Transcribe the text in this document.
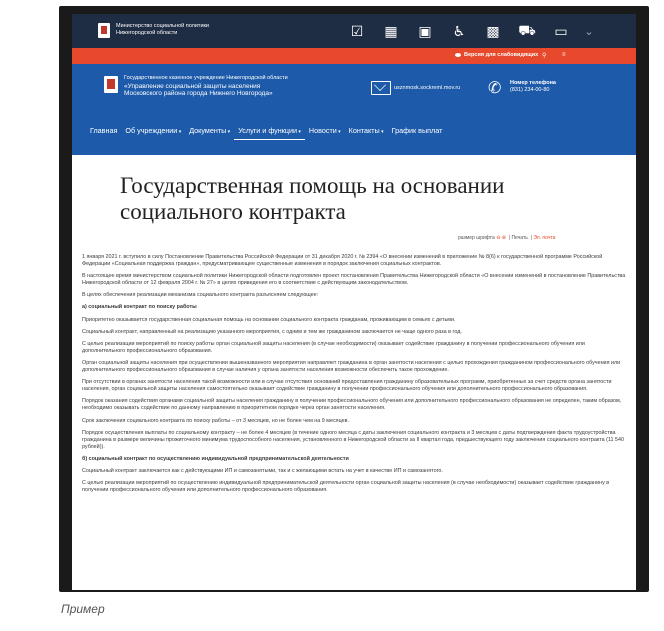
Министерство социальной политики
Нижегородской области	☑	▦	▣	♿	▩	⛟	▭	⌄
Версия для слабовидящих ⚲	≡
Государственное казенное учреждение Нижегородской области
«Управление социальной защиты населения
Московского района города Нижнего Новгорода»
usznmosk.sockreml.mov.ru ✆ Номер телефона
(831) 234-00-80
Главная	Об учреждении ▾	Документы ▾	Услуги и функции ▾	Новости ▾	Контакты ▾	График выплат
Государственная помощь на основании социального контракта
размер шрифта ⊖ ⊕  | Печать  | Эл. почта

1 января 2021 г. вступило в силу Постановление Правительства Российской Федерации от 31 декабря 2020 г. № 2394 «О внесении изменений в приложение № 8(6) к государственной программе Российской Федерации «Социальная поддержка граждан», предусматривающее существенные изменения в порядок заключения социальных контрактов.

В настоящее время министерством социальной политики Нижегородской области подготовлен проект постановления Правительства Нижегородской области «О внесении изменений в постановление Правительства Нижегородской области от 12 февраля 2004 г. № 27» в целях приведения его в соответствие с действующим законодательством.

В целях обеспечения реализации механизма социального контракта разъясняем следующее:

а) социальный контракт по поиску работы

Приоритетно оказывается государственная социальная помощь на основании социального контракта гражданам, проживающим в семьях с детьми.

Социальный контракт, направленный на реализацию указанного мероприятия, с одним и тем же гражданином заключается не чаще одного раза в год.

С целью реализации мероприятий по поиску работы орган социальной защиты населения (в случае необходимости) оказывает содействие гражданину в получении профессионального обучения или дополнительного профессионального образования.

Орган социальной защиты населения при осуществлении вышеназванного мероприятия направляет гражданина в орган занятости населения с целью прохождения гражданином профессионального обучения или дополнительного профессионального образования в случае наличия у органа занятости населения возможности обеспечить такое прохождение.

При отсутствии в органах занятости населения такой возможности или в случае отсутствия оснований предоставления гражданину образовательных программ, приобретенных за счет средств органа занятости населения, орган социальной защиты населения самостоятельно оказывает содействие гражданину в получении профессионального обучения или дополнительного профессионального образования.

Порядок оказания содействия органами социальной защиты населения гражданину в получении профессионального обучения или дополнительного профессионального образования не определен, таким образом, необходимо оказывать содействие по данному направлению в приоритетном порядке через орган занятости населения.

Срок заключения социального контракта по поиску работы – от 3 месяцев, но не более чем на 9 месяцев.

Порядок осуществления выплаты по социальному контракту – не более 4 месяцев (в течение одного месяца с даты заключения социального контракта и 3 месяцев с даты подтверждения факта трудоустройства гражданина в размере величины прожиточного минимума трудоспособного населения, установленного в Нижегородской области за II квартал года, предшествующего году заключения социального контракта (11 540 рублей)).

б) социальный контракт по осуществлению индивидуальной предпринимательской деятельности

Социальный контракт заключается как с действующими ИП и самозанятыми, так и с желающими встать на учет в качестве ИП и самозанятого.

С целью реализации мероприятий по осуществлению индивидуальной предпринимательской деятельности орган социальной защиты населения (в случае необходимости) оказывает содействие гражданину в получении профессионального обучения или дополнительного профессионального образования.

Пример
